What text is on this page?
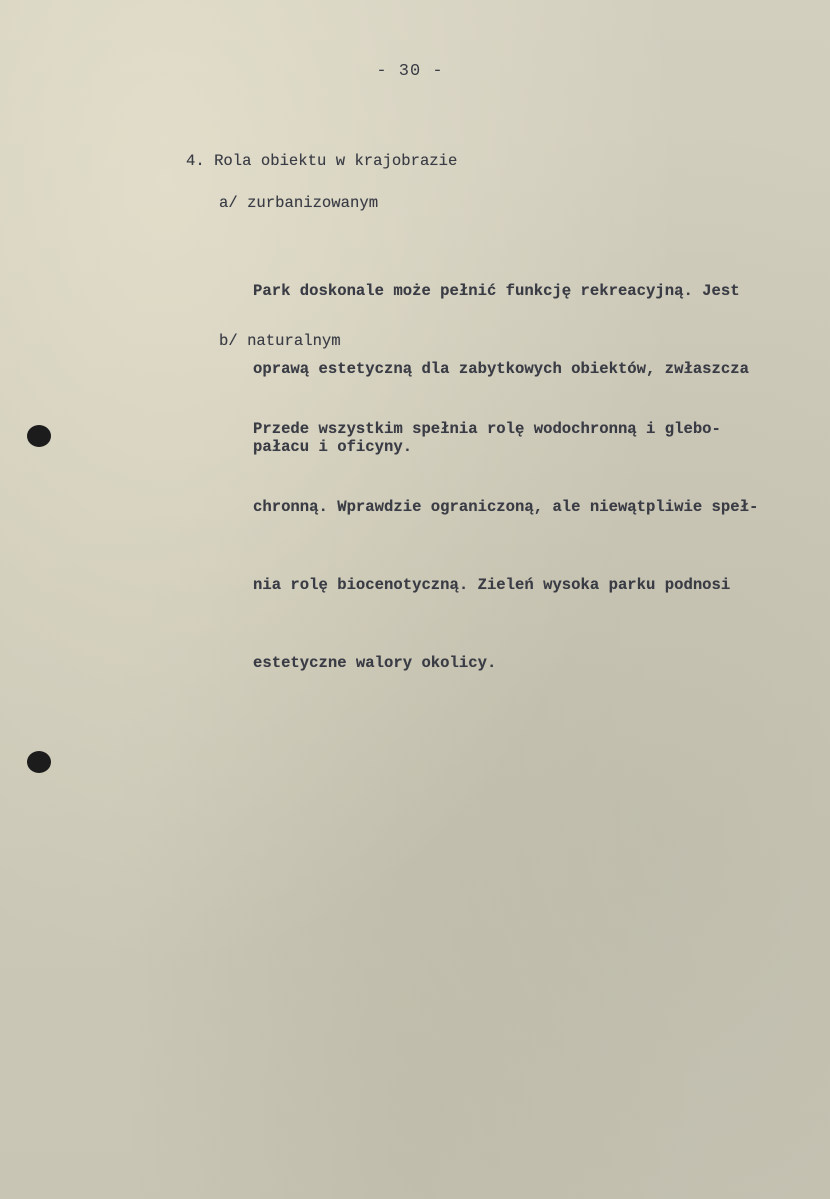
- 30 -
4. Rola obiektu w krajobrazie
a/ zurbanizowanym

Park doskonale może pełnić funkcję rekreacyjną. Jest

oprawą estetyczną dla zabytkowych obiektów, zwłaszcza

pałacu i oficyny.

b/ naturalnym

Przede wszystkim spełnia rolę wodochronną i glebo-

chronną. Wprawdzie ograniczoną, ale niewątpliwie speł-

nia rolę biocenotyczną. Zieleń wysoka parku podnosi

estetyczne walory okolicy.
